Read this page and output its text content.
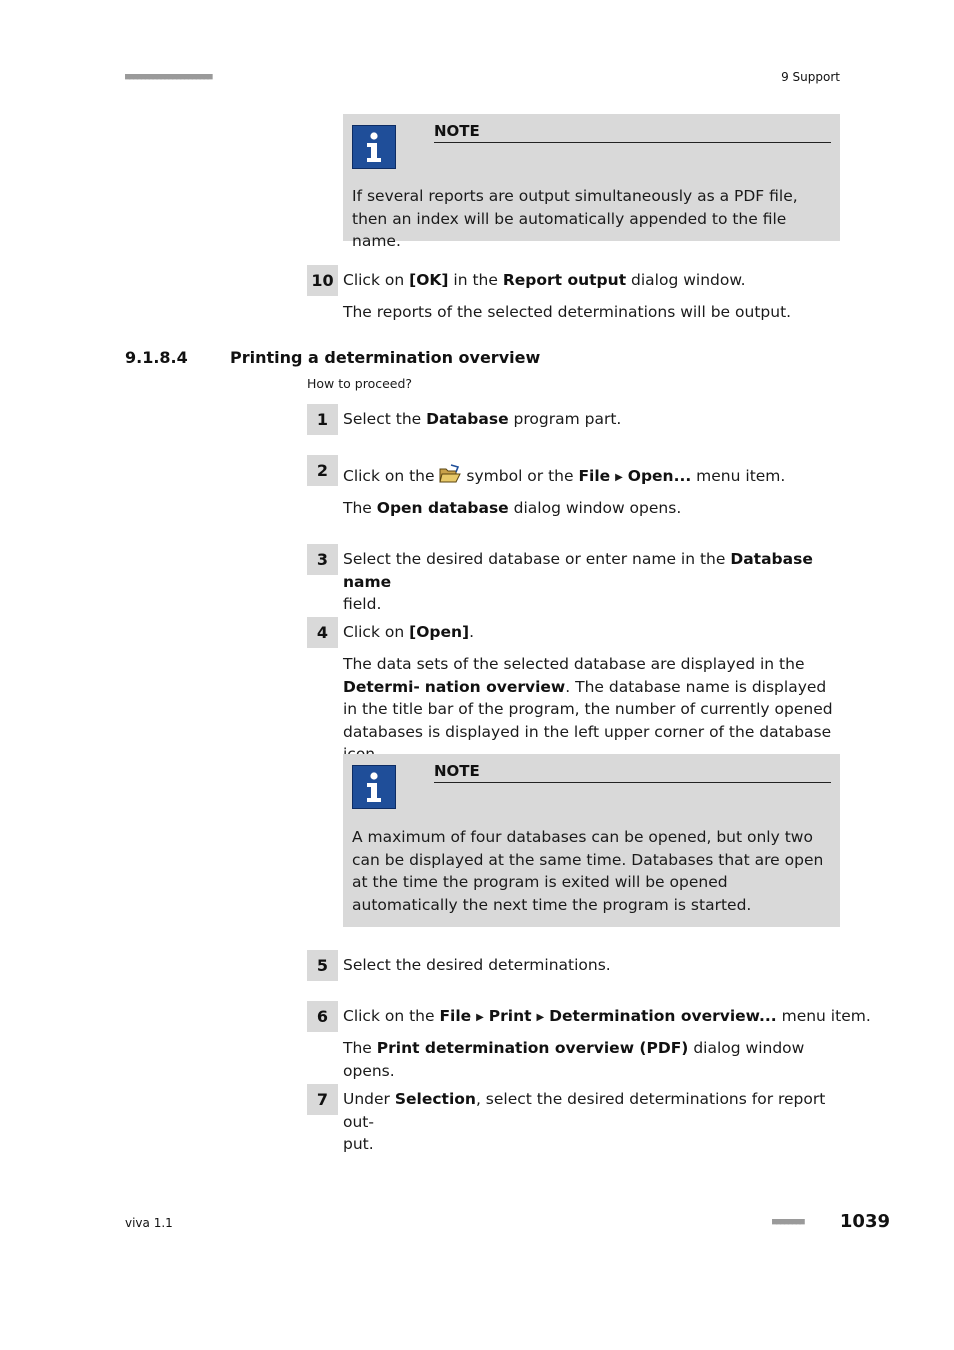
■■■■■■■■■■■■■■■■■■■■■■	9 Support
NOTE
If several reports are output simultaneously as a PDF file, then an index will be automatically appended to the file name.
10 Click on [OK] in the Report output dialog window.
The reports of the selected determinations will be output.
9.1.8.4	Printing a determination overview
How to proceed?
1 Select the Database program part.
2 Click on the  symbol or the File ▶ Open... menu item.
The Open database dialog window opens.
3 Select the desired database or enter name in the Database name
field.
4 Click on [Open].
The data sets of the selected database are displayed in the Determi- nation overview. The database name is displayed in the title bar of the program, the number of currently opened databases is displayed in the left upper corner of the database
NOTE
A maximum of four databases can be opened, but only two can be displayed at the same time. Databases that are open at the time the program is exited will be opened automatically the next time the program is started.
5 Select the desired determinations.
6 Click on the File ▶ Print ▶ Determination overview... menu item.
The Print determination overview (PDF) dialog window opens.
7 Under Selection, select the desired determinations for report out-
put.
viva 1.1	■■■■■■■■ 1039
